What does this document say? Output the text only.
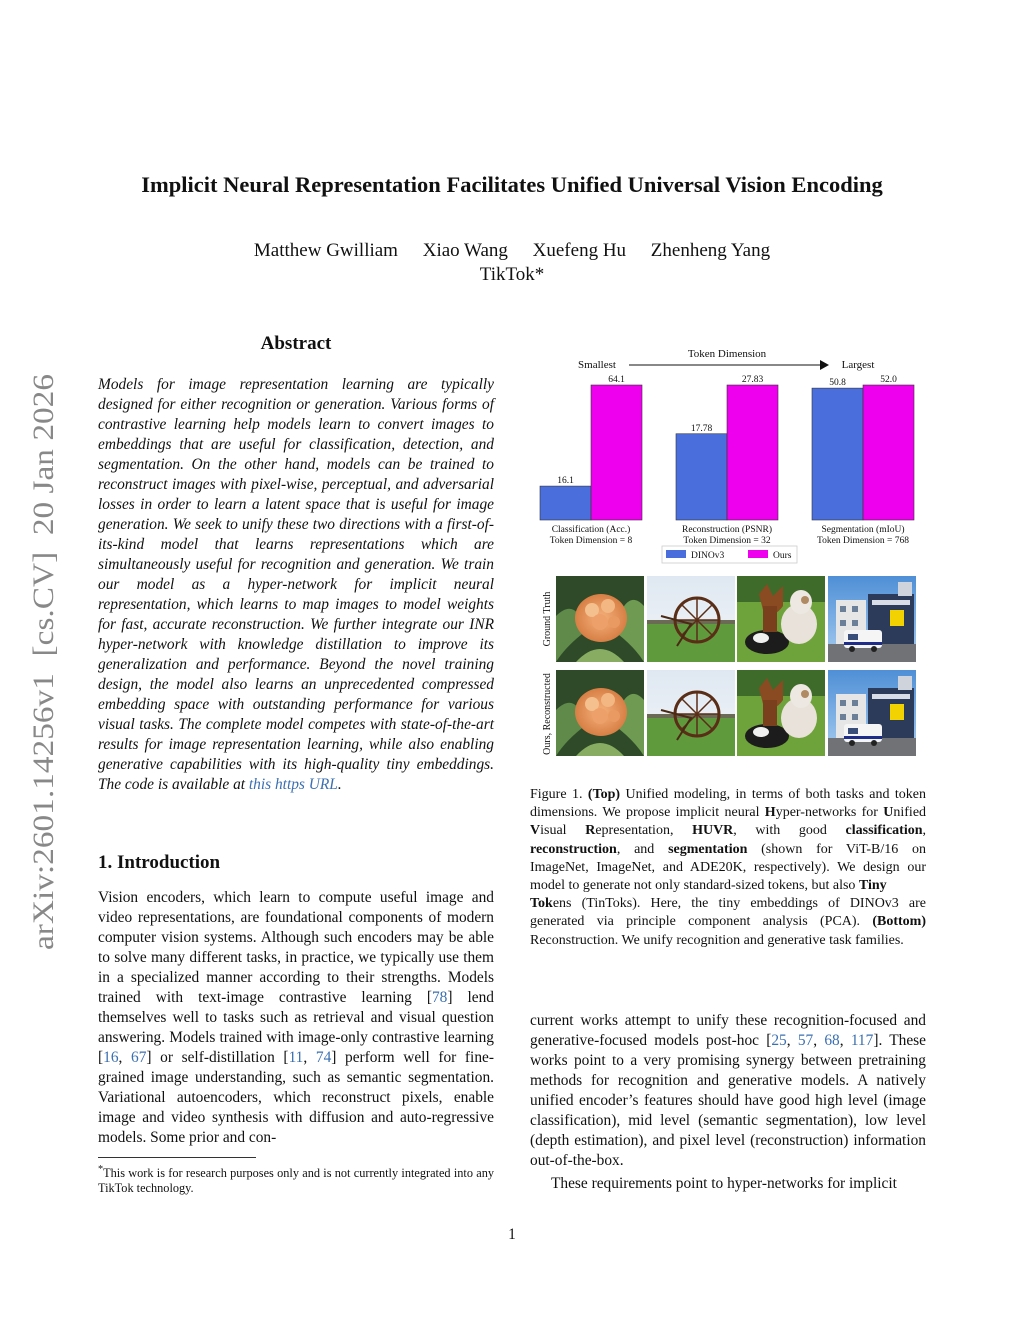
arXiv:2601.14256v1  [cs.CV]  20 Jan 2026
Implicit Neural Representation Facilitates Unified Universal Vision Encoding
Matthew Gwilliam Xiao Wang Xuefeng Hu Zhenheng Yang
TikTok*
Abstract

Models for image representation learning are typically designed for either recognition or generation. Various forms of contrastive learning help models learn to convert images to embeddings that are useful for classification, detection, and segmentation. On the other hand, models can be trained to reconstruct images with pixel-wise, perceptual, and adversarial losses in order to learn a latent space that is useful for image generation. We seek to unify these two directions with a first-of-its-kind model that learns representations which are simultaneously useful for recognition and generation. We train our model as a hyper-network for implicit neural representation, which learns to map images to model weights for fast, accurate reconstruction. We further integrate our INR hyper-network with knowledge distillation to improve its generalization and performance. Beyond the novel training design, the model also learns an unprecedented compressed embedding space with outstanding performance for various visual tasks. The complete model competes with state-of-the-art results for image representation learning, while also enabling generative capabilities with its high-quality tiny embeddings. The code is available at this https URL.

1. Introduction

Vision encoders, which learn to compute useful image and video representations, are foundational components of modern computer vision systems. Although such encoders may be able to solve many different tasks, in practice, we typically use them in a specialized manner according to their strengths. Models trained with text-image contrastive learning [78] lend themselves well to tasks such as retrieval and visual question answering. Models trained with image-only contrastive learning [16, 67] or self-distillation [11, 74] perform well for fine-grained image understanding, such as semantic segmentation. Variational autoencoders, which reconstruct pixels, enable image and video synthesis with diffusion and auto-regressive models. Some prior and con-

*This work is for research purposes only and is not currently integrated into any TikTok technology.

Token Dimension
Smallest	Largest
16.1
64.1
Classification (Acc.)
Token Dimension = 8
17.78
27.83
Reconstruction (PSNR)
Token Dimension = 32
50.8	52.0
Segmentation (mIoU)
Token Dimension = 768
DINOv3	Ours
Ground Truth
Ours, Reconstructed

Figure 1. (Top) Unified modeling, in terms of both tasks and token dimensions. We propose implicit neural Hyper-networks for Unified Visual Representation, HUVR, with good classification, reconstruction, and segmentation (shown for ViT-B/16 on ImageNet, ImageNet, and ADE20K, respectively). We design our model to generate not only standard-sized tokens, but also Tiny
Tokens (TinToks). Here, the tiny embeddings of DINOv3 are generated via principle component analysis (PCA). (Bottom) Reconstruction. We unify recognition and generative task families.

current works attempt to unify these recognition-focused and generative-focused models post-hoc [25, 57, 68, 117]. These works point to a very promising synergy between pretraining methods for recognition and generative models. A natively unified encoder’s features should have good high level (image classification), mid level (semantic segmentation), low level (depth estimation), and pixel level (reconstruction) information out-of-the-box.

These requirements point to hyper-networks for implicit

1
